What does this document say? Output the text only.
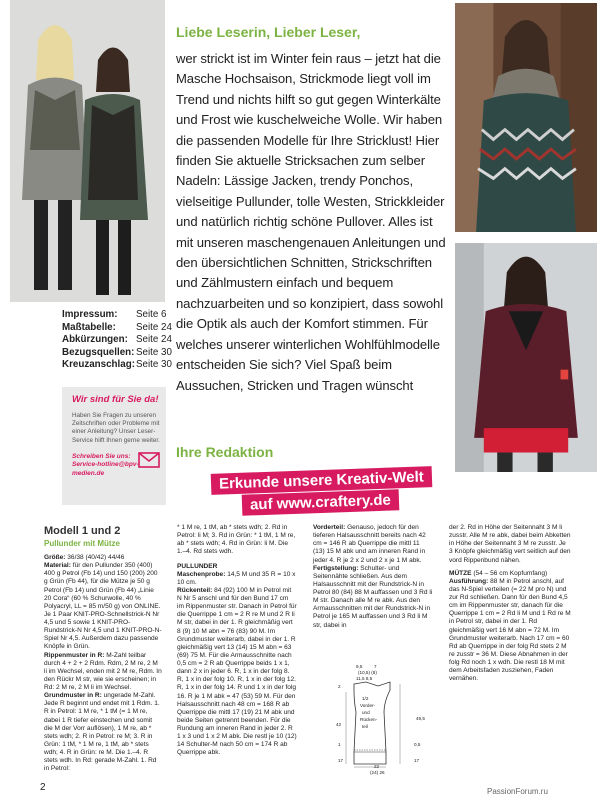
Liebe Leserin, Lieber Leser,

wer strickt ist im Winter fein raus – jetzt hat die Masche Hochsaison, Strickmode liegt voll im Trend und nichts hilft so gut gegen Winterkälte und Frost wie kuschelweiche Wolle. Wir haben die passenden Modelle für Ihre Stricklust! Hier finden Sie aktuelle Stricksachen zum selber Nadeln: Lässige Jacken, trendy Ponchos, vielseitige Pullunder, tolle Westen, Strickkleider und natürlich richtig schöne Pullover. Alles ist mit unseren maschengenauen Anleitungen und den übersichtlichen Schnitten, Strickschriften und Zählmustern einfach und bequem nachzuarbeiten und so konzipiert, dass sowohl die Optik als auch der Komfort stimmen. Für welches unserer winterlichen Wohlfühlmodelle entscheiden Sie sich? Viel Spaß beim Aussuchen, Stricken und Tragen wünscht

Ihre Redaktion
Impressum:	Seite 6
Maßtabelle:	Seite 24
Abkürzungen: Seite 24
Bezugsquellen: Seite 30
Kreuzanschlag: Seite 30
Wir sind für Sie da!

Haben Sie Fragen zu unseren Zeitschriften oder Probleme mit einer Anleitung? Unser Leser-Service hilft Ihnen gerne weiter.

Schreiben Sie uns: Service-hotline@bpv-medien.de	Erkunde unsere Kreativ-Welt
auf www.craftery.de

Modell 1 und 2

Pullunder mit Mütze

Größe: 36/38 (40/42) 44/46

Material: für den Pullunder 350 (400) 400 g Petrol (Fb 14) und 150 (200) 200 g Grün (Fb 44), für die Mütze je 50 g Petrol (Fb 14) und Grün (Fb 44) „Linie 20 Cora“ (60 % Schurwolle, 40 % Polyacryl, LL = 85 m/50 g) von ONLINE. Je 1 Paar KNIT-PRO-Schnellstrick-N Nr 4,5 und 5 sowie 1 KNIT-PRO-Rundstrick-N Nr 4,5 und 1 KNIT-PRO-N-Spiel Nr 4,5. Außerdem dazu passende Knöpfe in Grün.

Rippenmuster in R: M-Zahl teilbar durch 4 + 2 + 2 Rdm. Rdm, 2 M re, 2 M li im Wechsel, enden mit 2 M re, Rdm. In den Rückr M str, wie sie erscheinen; in Rd: 2 M re, 2 M li im Wechsel.

Grundmuster in R: ungerade M-Zahl. Jede R beginnt und endet mit 1 Rdm. 1. R in Petrol: 1 M re, * 1 tM (= 1 M re, dabei 1 R tiefer einstechen und somit die M der Vorr auflösen), 1 M re, ab * stets wdh; 2. R in Petrol: re M; 3. R in Grün: 1 tM, * 1 M re, 1 tM, ab * stets wdh; 4. R in Grün: re M. Die 1.–4. R stets wdh. In Rd: gerade M-Zahl. 1. Rd in Petrol:

* 1 M re, 1 tM, ab * stets wdh; 2. Rd in Petrol: li M; 3. Rd in Grün: * 1 tM, 1 M re, ab * stets wdh; 4. Rd in Grün: li M. Die 1.–4. Rd stets wdh.

PULLUNDER

Maschenprobe: 14,5 M und 35 R = 10 x 10 cm.

Rückenteil: 84 (92) 100 M in Petrol mit N Nr 5 anschl und für den Bund 17 cm im Rippenmuster str. Danach in Petrol für die Querrippe 1 cm = 2 R re M und 2 R li M str, dabei in der 1. R gleichmäßig vert 8 (9) 10 M abn = 76 (83) 90 M. Im Grundmuster weiterarb, dabei in der 1. R gleichmäßig vert 13 (14) 15 M abn = 63 (69) 75 M. Für die Armausschnitte nach 0,5 cm = 2 R ab Querrippe beids 1 x 1, dann 2 x in jeder 6. R, 1 x in der folg 8. R, 1 x in der folg 10. R, 1 x in der folg 12. R, 1 x in der folg 14. R und 1 x in der folg 16. R je 1 M abk = 47 (53) 59 M. Für den Halsausschnitt nach 48 cm = 168 R ab Querrippe die mittl 17 (19) 21 M abk und beide Seiten getrennt beenden. Für die Rundung am inneren Rand in jeder 2. R 1 x 3 und 1 x 2 M abk. Die restl je 10 (12) 14 Schulter-M nach 50 cm = 174 R ab Querrippe abk.

Vorderteil: Genauso, jedoch für den tieferen Halsausschnitt bereits nach 42 cm = 146 R ab Querrippe die mittl 11 (13) 15 M abk und am inneren Rand in jeder 4. R je 2 x 2 und 2 x je 1 M abk.

Fertigstellung: Schulter- und Seitennähte schließen. Aus dem Halsausschnitt mit der Rundstrick-N in Petrol 80 (84) 88 M auffassen und 3 Rd li M str. Danach alle M re abk. Aus den Armausschnitten mit der Rundstrick-N in Petrol je 165 M auffassen und 3 Rd li M str, dabei in

der 2. Rd in Höhe der Seitennaht 3 M li zusstr. Alle M re abk, dabei beim Abketten in Höhe der Seitennaht 3 M re zusstr. Je 3 Knöpfe gleichmäßig vert seitlich auf den vord Rippenbund nähen.

MÜTZE (54 – 56 cm Kopfumfang)

Ausführung: 88 M in Petrol anschl, auf das N-Spiel verteilen (= 22 M pro N) und zur Rd schließen. Dann für den Bund 4,5 cm im Rippenmuster str, danach für die Querrippe 1 cm = 2 Rd li M und 1 Rd re M in Petrol str, dabei in der 1. Rd gleichmäßig vert 16 M abn = 72 M. Im Grundmuster weiterarb. Nach 17 cm = 60 Rd ab Querrippe in der folg Rd stets 2 M re zusstr = 36 M. Diese Abnahmen in der folg Rd noch 1 x wdh. Die restl 18 M mit dem Arbeitsfaden zusziehen, Faden vernähen.

9,5	7
(10,5) (8)
11,5 8,5
2
42
1
17
49,5
0,5
17
1/2
Vorder-
und
Rücken-
teil
22
(24) 26
2	PassionForum.ru
